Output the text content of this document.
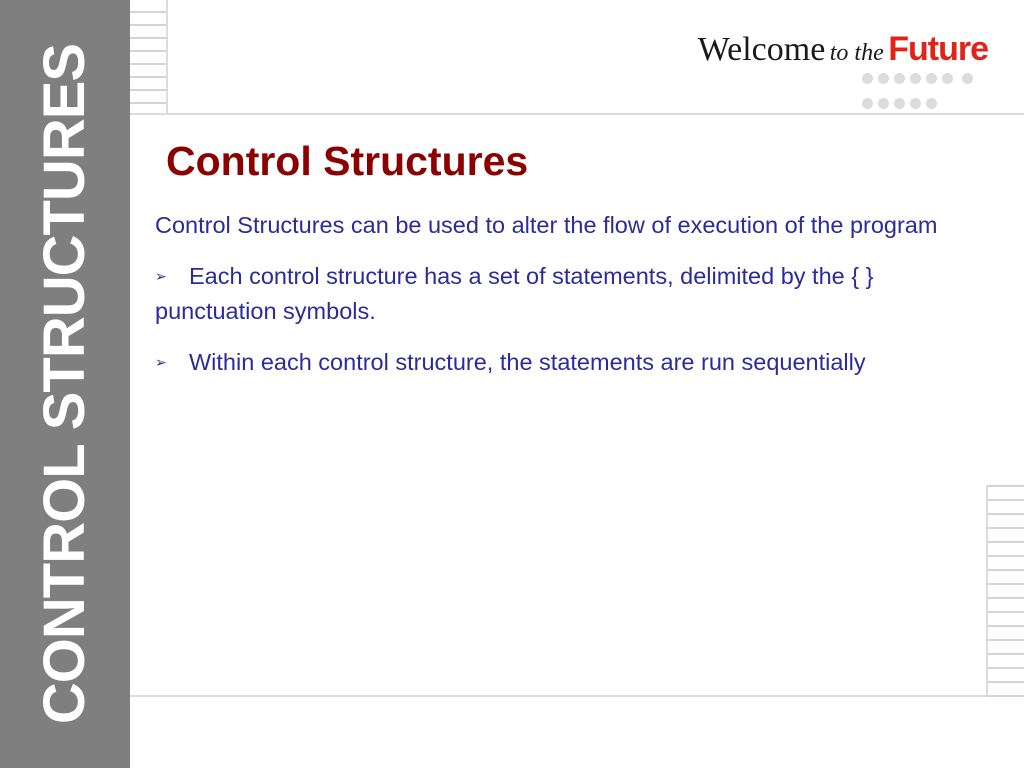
CONTROL STRUCTURES	Welcome to the Future

Control Structures

Control Structures can be used to alter the flow of execution of the program

➢ Each control structure has a set of statements, delimited by the { } punctuation symbols.

➢ Within each control structure, the statements are run sequentially
